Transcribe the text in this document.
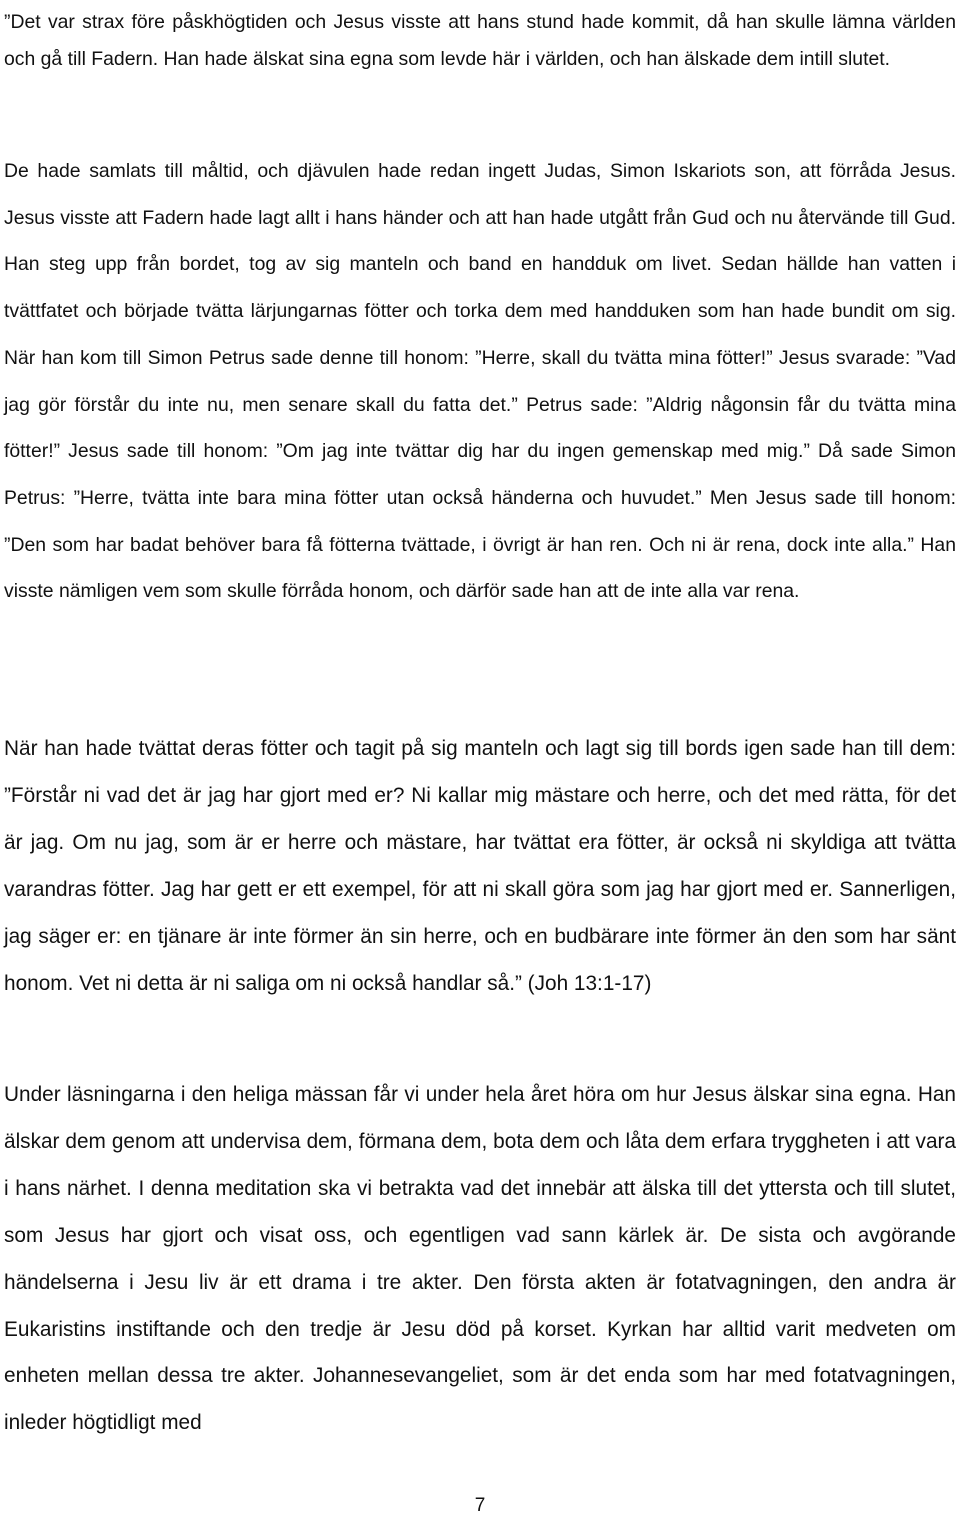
”Det var strax före påskhögtiden och Jesus visste att hans stund hade kommit, då han skulle lämna världen och gå till Fadern. Han hade älskat sina egna som levde här i världen, och han älskade dem intill slutet.

De hade samlats till måltid, och djävulen hade redan ingett Judas, Simon Iskariots son, att förråda Jesus. Jesus visste att Fadern hade lagt allt i hans händer och att han hade utgått från Gud och nu återvände till Gud. Han steg upp från bordet, tog av sig manteln och band en handduk om livet. Sedan hällde han vatten i tvättfatet och började tvätta lärjungarnas fötter och torka dem med handduken som han hade bundit om sig. När han kom till Simon Petrus sade denne till honom: ”Herre, skall du tvätta mina fötter!” Jesus svarade: ”Vad jag gör förstår du inte nu, men senare skall du fatta det.” Petrus sade: ”Aldrig någonsin får du tvätta mina fötter!” Jesus sade till honom: ”Om jag inte tvättar dig har du ingen gemenskap med mig.” Då sade Simon Petrus: ”Herre, tvätta inte bara mina fötter utan också händerna och huvudet.” Men Jesus sade till honom: ”Den som har badat behöver bara få fötterna tvättade, i övrigt är han ren. Och ni är rena, dock inte alla.” Han visste nämligen vem som skulle förråda honom, och därför sade han att de inte alla var rena.

När han hade tvättat deras fötter och tagit på sig manteln och lagt sig till bords igen sade han till dem: ”Förstår ni vad det är jag har gjort med er? Ni kallar mig mästare och herre, och det med rätta, för det är jag. Om nu jag, som är er herre och mästare, har tvättat era fötter, är också ni skyldiga att tvätta varandras fötter. Jag har gett er ett exempel, för att ni skall göra som jag har gjort med er. Sannerligen, jag säger er: en tjänare är inte förmer än sin herre, och en budbärare inte förmer än den som har sänt honom. Vet ni detta är ni saliga om ni också handlar så.” (Joh 13:1-17)

Under läsningarna i den heliga mässan får vi under hela året höra om hur Jesus älskar sina egna. Han älskar dem genom att undervisa dem, förmana dem, bota dem och låta dem erfara tryggheten i att vara i hans närhet. I denna meditation ska vi betrakta vad det innebär att älska till det yttersta och till slutet, som Jesus har gjort och visat oss, och egentligen vad sann kärlek är. De sista och avgörande händelserna i Jesu liv är ett drama i tre akter. Den första akten är fotatvagningen, den andra är Eukaristins instiftande och den tredje är Jesu död på korset. Kyrkan har alltid varit medveten om enheten mellan dessa tre akter. Johannesevangeliet, som är det enda som har med fotatvagningen, inleder högtidligt med

7
